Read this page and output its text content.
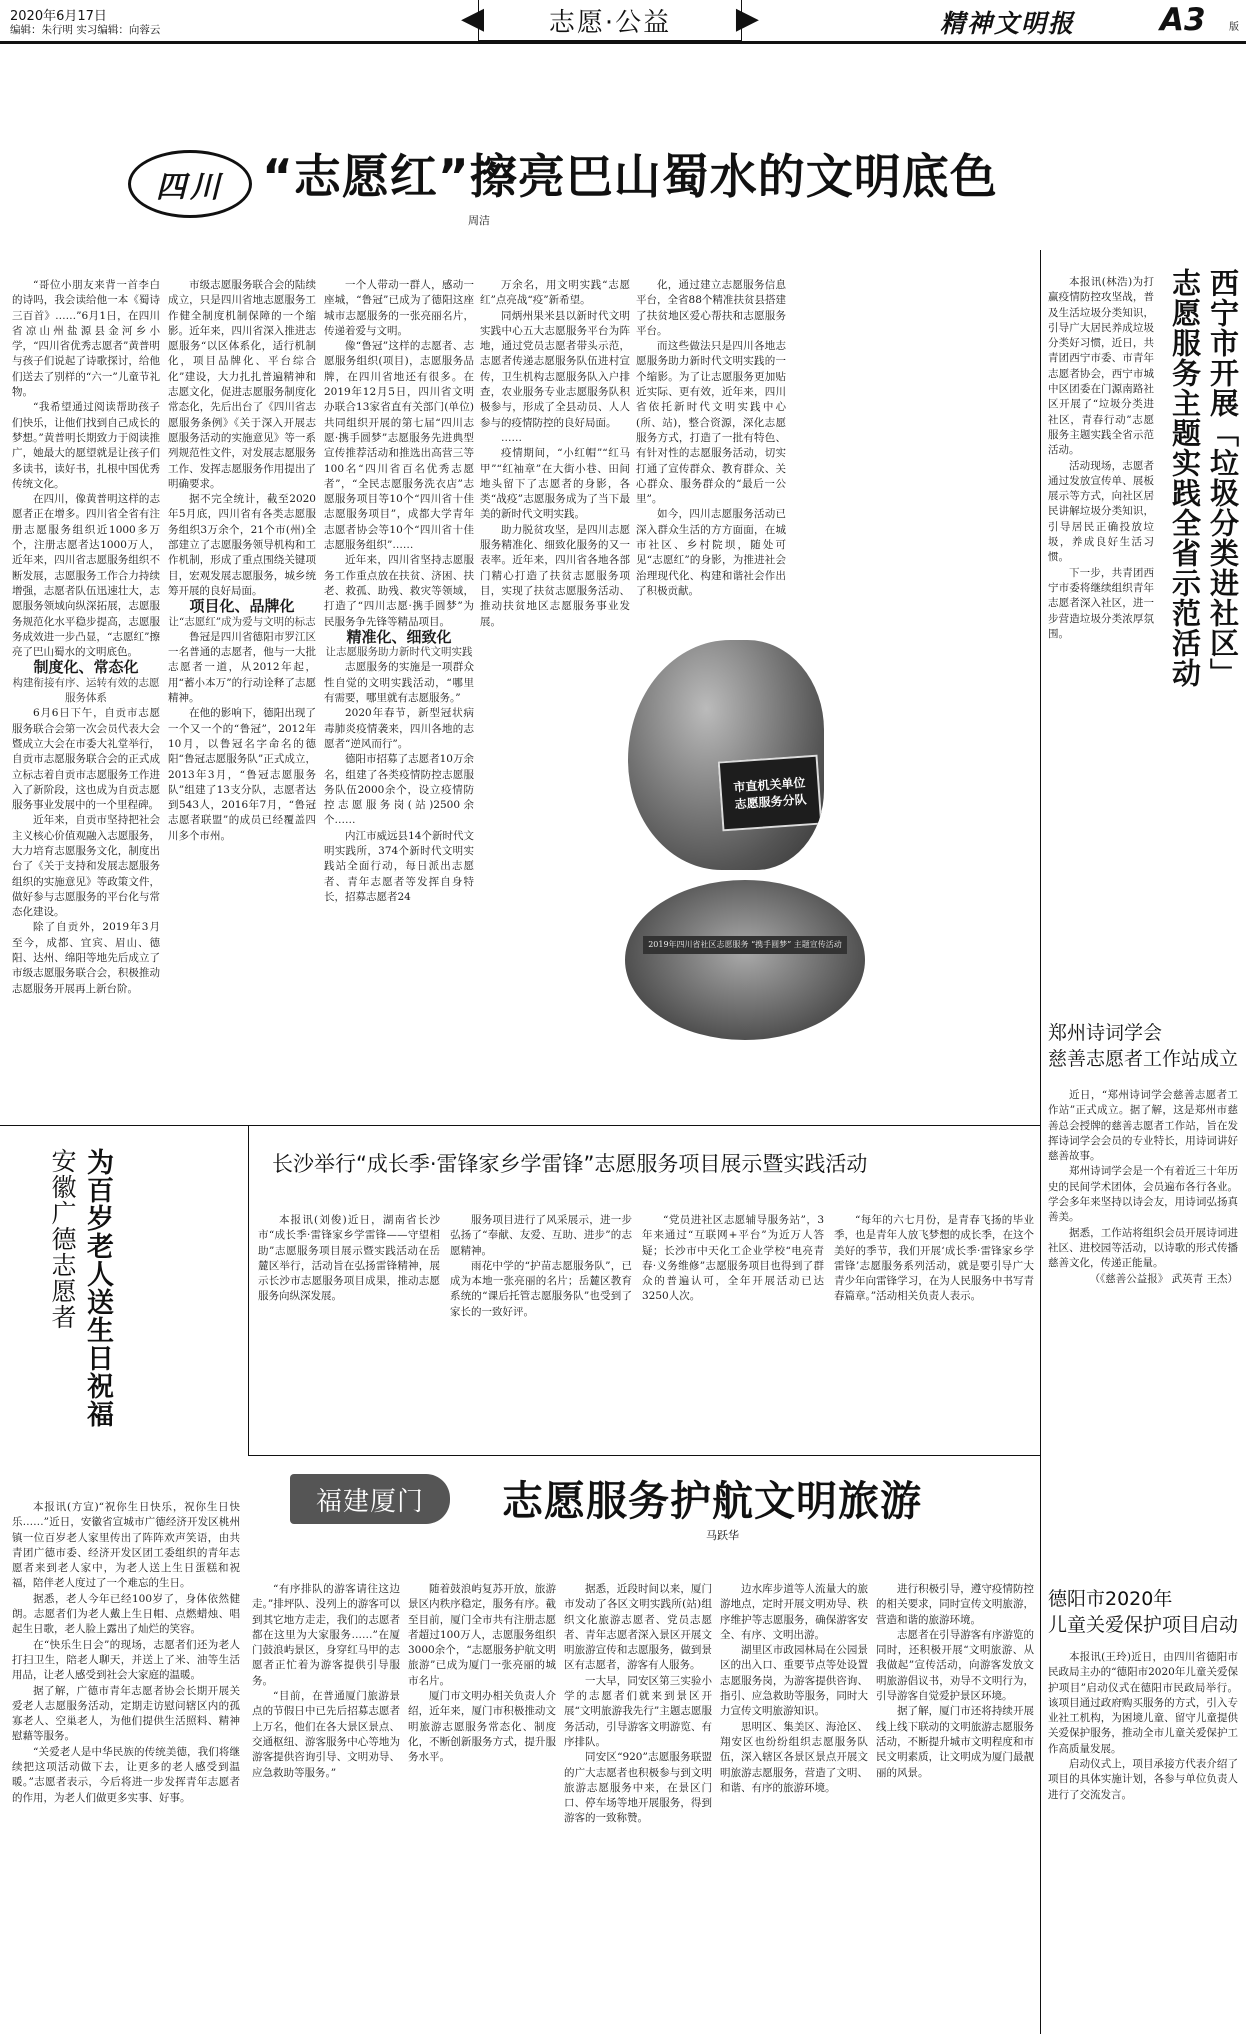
2020年6月17日
编辑：朱行明 实习编辑：向蓉云	◀ 志愿·公益 ▶	精神文明报	A3 版
四川 “志愿红”擦亮巴山蜀水的文明底色
周洁

“哥位小朋友来背一首李白的诗吗，我会读给他一本《蜀诗三百首》……”6月1日，在四川省凉山州盐源县金河乡小学，“四川省优秀志愿者”黄普明与孩子们说起了诗歌探讨，给他们送去了别样的“六一”儿童节礼物。

“我希望通过阅读帮助孩子们快乐，让他们找到自己成长的梦想。”黄普明长期致力于阅读推广，她最大的愿望就是让孩子们多读书，读好书，扎根中国优秀传统文化。

在四川，像黄普明这样的志愿者正在增多。四川省全省有注册志愿服务组织近1000多万个，注册志愿者达1000万人，近年来，四川省志愿服务组织不断发展，志愿服务工作合力持续增强，志愿者队伍迅速壮大，志愿服务领域向纵深拓展，志愿服务规范化水平稳步提高，志愿服务成效进一步凸显，“志愿红”擦亮了巴山蜀水的文明底色。

制度化、常态化

构建衔接有序、运转有效的志愿服务体系

6月6日下午，自贡市志愿服务联合会第一次会员代表大会暨成立大会在市委大礼堂举行，自贡市志愿服务联合会的正式成立标志着自贡市志愿服务工作进入了新阶段，这也成为自贡志愿服务事业发展中的一个里程碑。

近年来，自贡市坚持把社会主义核心价值观融入志愿服务，大力培育志愿服务文化，制度出台了《关于支持和发展志愿服务组织的实施意见》等政策文件，做好参与志愿服务的平台化与常态化建设。

除了自贡外，2019年3月至今，成都、宜宾、眉山、德阳、达州、绵阳等地先后成立了市级志愿服务联合会，积极推动志愿服务开展再上新台阶。

市级志愿服务联合会的陆续成立，只是四川省地志愿服务工作健全制度机制保障的一个缩影。近年来，四川省深入推进志愿服务“以区体系化，适行机制化，项目品牌化、平台综合化”建设，大力扎扎普遍精神和志愿文化，促进志愿服务制度化常态化，先后出台了《四川省志愿服务条例》《关于深入开展志愿服务活动的实施意见》等一系列规范性文件，对发展志愿服务工作、发挥志愿服务作用提出了明确要求。

据不完全统计，截至2020年5月底，四川省有各类志愿服务组织3万余个，21个市(州)全部建立了志愿服务领导机构和工作机制，形成了重点围绕关键项目，宏观发展志愿服务，城乡统筹开展的良好局面。

项目化、品牌化

让“志愿红”成为爱与文明的标志

鲁冠是四川省德阳市罗江区一名普通的志愿者，他与一大批志愿者一道，从2012年起，用“蓄小本万”的行动诠释了志愿精神。

在他的影响下，德阳出现了一个又一个的“鲁冠”，2012年10月，以鲁冠名字命名的德阳“鲁冠志愿服务队”正式成立，2013年3月，“鲁冠志愿服务队”组建了13支分队，志愿者达到543人，2016年7月，“鲁冠志愿者联盟”的成员已经覆盖四川多个市州。

一个人带动一群人，感动一座城，“鲁冠”已成为了德阳这座城市志愿服务的一张亮丽名片，传递着爱与文明。

像“鲁冠”这样的志愿者、志愿服务组织(项目)，志愿服务品牌，在四川省地还有很多。在2019年12月5日，四川省文明办联合13家省直有关部门(单位)共同组织开展的第七届“四川志愿·携手圆梦”志愿服务先进典型宣传推荐活动和推选出高营三等100名“四川省百名优秀志愿者”，“全民志愿服务洗衣店”志愿服务项目等10个“四川省十佳志愿服务项目”，成都大学青年志愿者协会等10个“四川省十佳志愿服务组织”……

近年来，四川省坚持志愿服务工作重点放在扶贫、济困、扶老、救孤、助残、救灾等领域，打造了“四川志愿·携手圆梦”为民服务争先锋等精品项目。

精准化、细致化

让志愿服务助力新时代文明实践

志愿服务的实施是一项群众性自觉的文明实践活动，“哪里有需要，哪里就有志愿服务。”

2020年春节，新型冠状病毒肺炎疫情袭来，四川各地的志愿者“逆风而行”。

德阳市招募了志愿者10万余名，组建了各类疫情防控志愿服务队伍2000余个，设立疫情防控志愿服务岗(站)2500余个……

内江市威远县14个新时代文明实践所，374个新时代文明实践站全面行动，每日派出志愿者、青年志愿者等发挥自身特长，招募志愿者24

万余名，用文明实践“志愿红”点亮战“疫”新希望。

同炳州果米县以新时代文明实践中心五大志愿服务平台为阵地，通过党员志愿者带头示范，志愿者传递志愿服务队伍进村宣传，卫生机构志愿服务队入户排查，农业服务专业志愿服务队积极参与，形成了全县动员、人人参与的疫情防控的良好局面。

……

疫情期间，“小红帽”“红马甲”“红袖章”在大街小巷、田间地头留下了志愿者的身影，各类“战疫”志愿服务成为了当下最美的新时代文明实践。

助力脱贫攻坚，是四川志愿服务精准化、细致化服务的又一表率。近年来，四川省各地各部门精心打造了扶贫志愿服务项目，实现了扶贫志愿服务活动、推动扶贫地区志愿服务事业发展。

化，通过建立志愿服务信息平台，全省88个精准扶贫县搭建了扶贫地区爱心帮扶和志愿服务平台。

而这些做法只是四川各地志愿服务助力新时代文明实践的一个缩影。为了让志愿服务更加贴近实际、更有效，近年来，四川省依托新时代文明实践中心(所、站)，整合资源，深化志愿服务方式，打造了一批有特色、有针对性的志愿服务活动，切实打通了宣传群众、教育群众、关心群众、服务群众的“最后一公里”。

如今，四川志愿服务活动已深入群众生活的方方面面，在城市社区、乡村院坝，随处可见“志愿红”的身影，为推进社会治理现代化、构建和谐社会作出了积极贡献。

市直机关单位
志愿服务分队
2019年四川省社区志愿服务 “携手圆梦” 主题宣传活动

本报讯(林浩)为打赢疫情防控攻坚战，普及生活垃圾分类知识，引导广大居民养成垃圾分类好习惯，近日，共青团西宁市委、市青年志愿者协会，西宁市城中区团委在门源南路社区开展了“垃圾分类进社区，青春行动”志愿服务主题实践全省示范活动。

活动现场，志愿者通过发放宣传单、展板展示等方式，向社区居民讲解垃圾分类知识，引导居民正确投放垃圾，养成良好生活习惯。

下一步，共青团西宁市委将继续组织青年志愿者深入社区，进一步营造垃圾分类浓厚氛围。	西宁市开展「垃圾分类进社区」志愿服务主题实践全省示范活动
郑州诗词学会
慈善志愿者工作站成立

近日，“郑州诗词学会慈善志愿者工作站”正式成立。据了解，这是郑州市慈善总会授牌的慈善志愿者工作站，旨在发挥诗词学会会员的专业特长，用诗词讲好慈善故事。

郑州诗词学会是一个有着近三十年历史的民间学术团体，会员遍布各行各业。学会多年来坚持以诗会友，用诗词弘扬真善美。

据悉，工作站将组织会员开展诗词进社区、进校园等活动，以诗歌的形式传播慈善文化，传递正能量。

（《慈善公益报》 武英青 王杰）

德阳市2020年
儿童关爱保护项目启动

本报讯(王玲)近日，由四川省德阳市民政局主办的“德阳市2020年儿童关爱保护项目”启动仪式在德阳市民政局举行。该项目通过政府购买服务的方式，引入专业社工机构，为困境儿童、留守儿童提供关爱保护服务，推动全市儿童关爱保护工作高质量发展。

启动仪式上，项目承接方代表介绍了项目的具体实施计划，各参与单位负责人进行了交流发言。

长沙举行“成长季·雷锋家乡学雷锋”志愿服务项目展示暨实践活动

本报讯(刘俊)近日，湖南省长沙市“成长季·雷锋家乡学雷锋——守望相助”志愿服务项目展示暨实践活动在岳麓区举行，活动旨在弘扬雷锋精神，展示长沙市志愿服务项目成果，推动志愿服务向纵深发展。

服务项目进行了风采展示，进一步弘扬了“奉献、友爱、互助、进步”的志愿精神。

雨花中学的“护苗志愿服务队”，已成为本地一张亮丽的名片；岳麓区教育系统的“课后托管志愿服务队”也受到了家长的一致好评。

“党员进社区志愿辅导服务站”，3年来通过“互联网+平台”为近万人答疑；长沙市中天化工企业学校“电亮青春·义务维修”志愿服务项目也得到了群众的普遍认可，全年开展活动已达3250人次。

“每年的六七月份，是青春飞扬的毕业季，也是青年人放飞梦想的成长季，在这个美好的季节，我们开展‘成长季·雷锋家乡学雷锋’志愿服务系列活动，就是要引导广大青少年向雷锋学习，在为人民服务中书写青春篇章。”活动相关负责人表示。

为百岁老人送生日祝福
安徽广德志愿者

本报讯(方宣)“祝你生日快乐，祝你生日快乐……”近日，安徽省宣城市广德经济开发区桃州镇一位百岁老人家里传出了阵阵欢声笑语，由共青团广德市委、经济开发区团工委组织的青年志愿者来到老人家中，为老人送上生日蛋糕和祝福，陪伴老人度过了一个难忘的生日。

据悉，老人今年已经100岁了，身体依然健朗。志愿者们为老人戴上生日帽、点燃蜡烛、唱起生日歌，老人脸上露出了灿烂的笑容。

在“快乐生日会”的现场，志愿者们还为老人打扫卫生，陪老人聊天，并送上了米、油等生活用品，让老人感受到社会大家庭的温暖。

据了解，广德市青年志愿者协会长期开展关爱老人志愿服务活动，定期走访慰问辖区内的孤寡老人、空巢老人，为他们提供生活照料、精神慰藉等服务。

“关爱老人是中华民族的传统美德，我们将继续把这项活动做下去，让更多的老人感受到温暖。”志愿者表示，今后将进一步发挥青年志愿者的作用，为老人们做更多实事、好事。

福建厦门 志愿服务护航文明旅游
马跃华

“有序排队的游客请往这边走。”排坪队、没列上的游客可以到其它地方走走，我们的志愿者都在这里为大家服务……”在厦门鼓浪屿景区，身穿红马甲的志愿者正忙着为游客提供引导服务。

“目前，在普通厦门旅游景点的节假日中已先后招募志愿者上万名，他们在各大景区景点、交通枢纽、游客服务中心等地为游客提供咨询引导、文明劝导、应急救助等服务。”

随着鼓浪屿复苏开放，旅游景区内秩序稳定，服务有序。截至目前，厦门全市共有注册志愿者超过100万人，志愿服务组织3000余个，“志愿服务护航文明旅游”已成为厦门一张亮丽的城市名片。

厦门市文明办相关负责人介绍，近年来，厦门市积极推动文明旅游志愿服务常态化、制度化，不断创新服务方式，提升服务水平。

据悉，近段时间以来，厦门市发动了各区文明实践所(站)组织文化旅游志愿者、党员志愿者、青年志愿者深入景区开展文明旅游宣传和志愿服务，做到景区有志愿者，游客有人服务。

一大早，同安区第三实验小学的志愿者们就来到景区开展“文明旅游我先行”主题志愿服务活动，引导游客文明游览、有序排队。

同安区“920”志愿服务联盟的广大志愿者也积极参与到文明旅游志愿服务中来，在景区门口、停车场等地开展服务，得到游客的一致称赞。

边水库步道等人流量大的旅游地点，定时开展文明劝导、秩序维护等志愿服务，确保游客安全、有序、文明出游。

湖里区市政园林局在公园景区的出入口、重要节点等处设置志愿服务岗，为游客提供咨询、指引、应急救助等服务，同时大力宣传文明旅游知识。

思明区、集美区、海沧区、翔安区也纷纷组织志愿服务队伍，深入辖区各景区景点开展文明旅游志愿服务，营造了文明、和谐、有序的旅游环境。

进行积极引导，遵守疫情防控的相关要求，同时宣传文明旅游，营造和谐的旅游环境。

志愿者在引导游客有序游览的同时，还积极开展“文明旅游、从我做起”宣传活动，向游客发放文明旅游倡议书，劝导不文明行为，引导游客自觉爱护景区环境。

据了解，厦门市还将持续开展线上线下联动的文明旅游志愿服务活动，不断提升城市文明程度和市民文明素质，让文明成为厦门最靓丽的风景。
